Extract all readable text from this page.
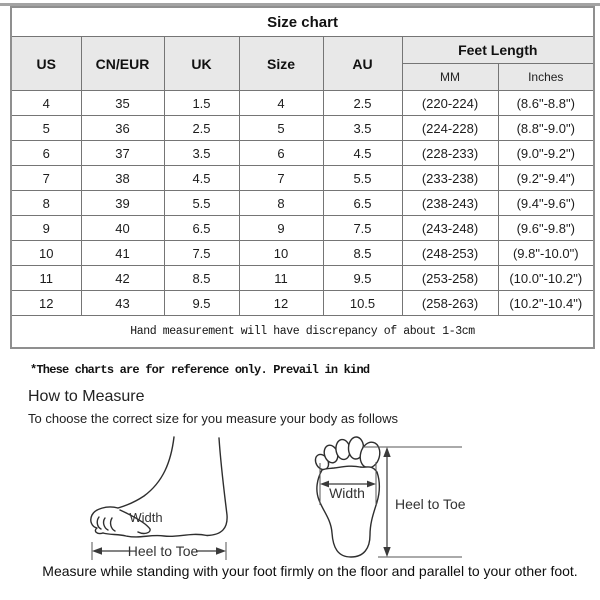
Size chart						
US	CN/EUR	UK	Size	AU	Feet Length	
					MM	Inches
4	35	1.5	4	2.5	(220-224)	(8.6"-8.8")
5	36	2.5	5	3.5	(224-228)	(8.8"-9.0")
6	37	3.5	6	4.5	(228-233)	(9.0"-9.2")
7	38	4.5	7	5.5	(233-238)	(9.2"-9.4")
8	39	5.5	8	6.5	(238-243)	(9.4"-9.6")
9	40	6.5	9	7.5	(243-248)	(9.6"-9.8")
10	41	7.5	10	8.5	(248-253)	(9.8"-10.0")
11	42	8.5	11	9.5	(253-258)	(10.0"-10.2")
12	43	9.5	12	10.5	(258-263)	(10.2"-10.4")
Hand measurement will have discrepancy of about 1-3cm						
*These charts are for reference only. Prevail in kind
How to Measure
To choose the correct size for you measure your body as follows
Width
Heel to Toe
Width
Heel to Toe
Measure while standing with your foot firmly on the floor and parallel to your other foot.
